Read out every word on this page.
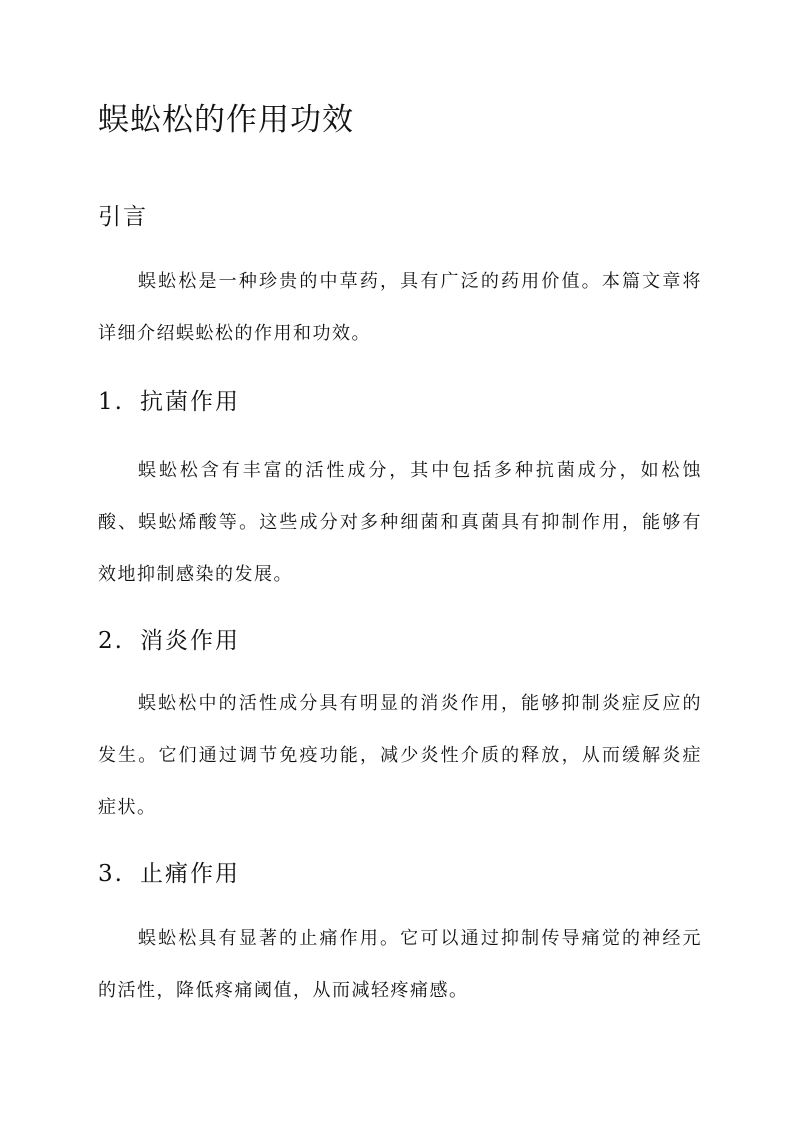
蜈蚣松的作用功效
引言

蜈蚣松是一种珍贵的中草药，具有广泛的药用价值。本篇文章将详细介绍蜈蚣松的作用和功效。

1. 抗菌作用

蜈蚣松含有丰富的活性成分，其中包括多种抗菌成分，如松蚀酸、蜈蚣烯酸等。这些成分对多种细菌和真菌具有抑制作用，能够有效地抑制感染的发展。

2. 消炎作用

蜈蚣松中的活性成分具有明显的消炎作用，能够抑制炎症反应的发生。它们通过调节免疫功能，减少炎性介质的释放，从而缓解炎症症状。

3. 止痛作用

蜈蚣松具有显著的止痛作用。它可以通过抑制传导痛觉的神经元的活性，降低疼痛阈值，从而减轻疼痛感。
